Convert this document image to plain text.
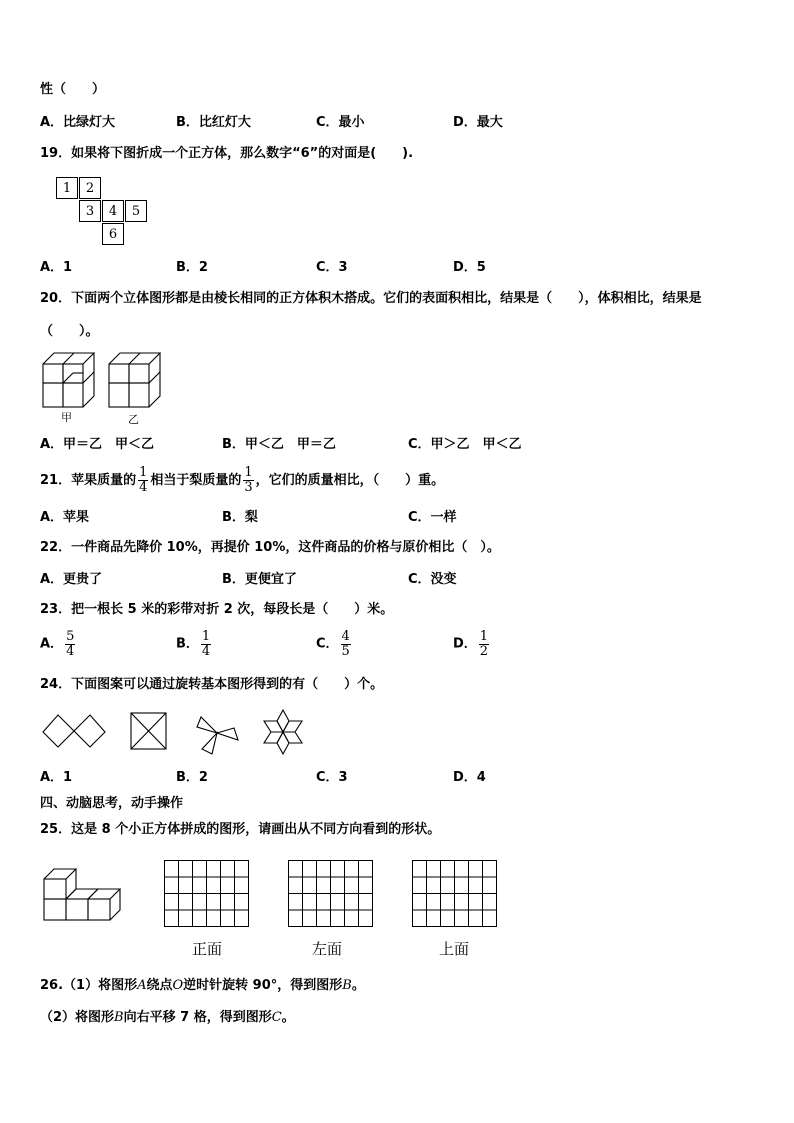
性（　　）
A．比绿灯大	B．比红灯大	C．最小	D．最大
19．如果将下图折成一个正方体，那么数字“6”的对面是(　　).
1	2
3	4	5
6
A．1	B．2	C．3	D．5
20．下面两个立体图形都是由棱长相同的正方体积木搭成。它们的表面积相比，结果是（　　），体积相比，结果是
（　　）。
甲	乙
A．甲＝乙　甲＜乙	B．甲＜乙　甲＝乙	C．甲＞乙　甲＜乙
21．苹果质量的 $\frac{1}{4}$ 相当于梨质量的 $\frac{1}{3}$ ，它们的质量相比，（　　）重。
A．苹果	B．梨	C．一样
22．一件商品先降价 10%，再提价 10%，这件商品的价格与原价相比（　）。
A．更贵了	B．更便宜了	C．没变
23．把一根长 5 米的彩带对折 2 次，每段长是（　　）米。
A． $\frac{5}{4}$	B． $\frac{1}{4}$	C． $\frac{4}{5}$	D． $\frac{1}{2}$
24．下面图案可以通过旋转基本图形得到的有（　　）个。
A．1	B．2	C．3	D．4
四、动脑思考，动手操作
25．这是 8 个小正方体拼成的图形，请画出从不同方向看到的形状。
正面	左面	上面
26.（1）将图形A绕点O逆时针旋转 90°，得到图形B。
（2）将图形B向右平移 7 格，得到图形C。
